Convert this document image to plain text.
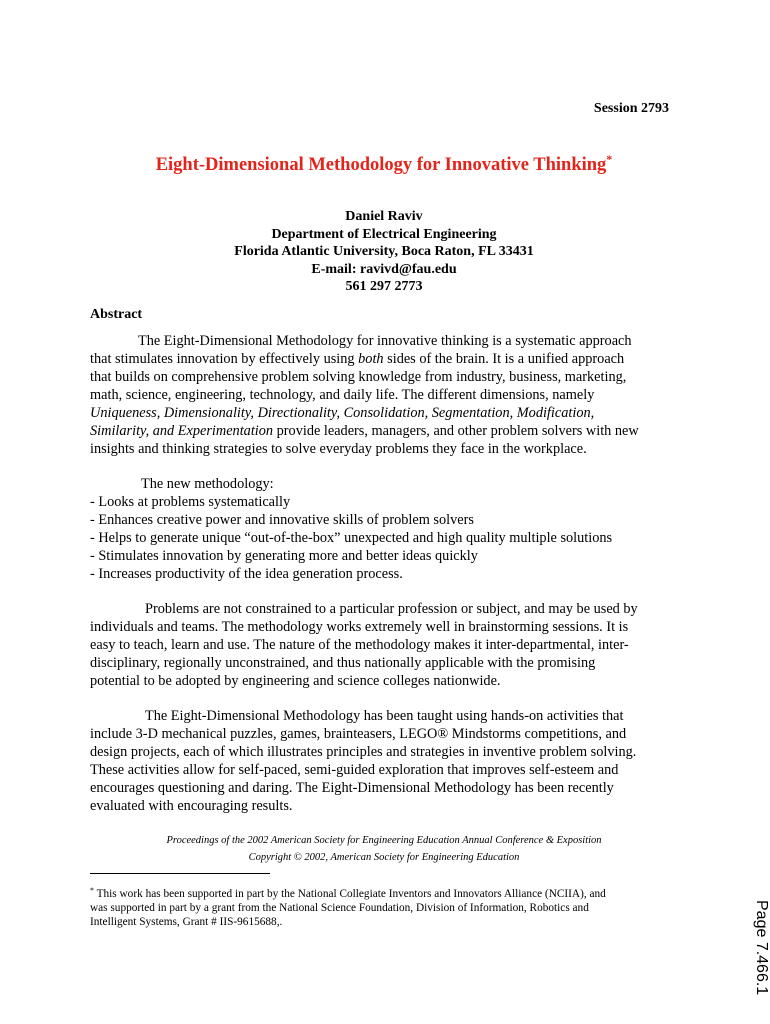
Session 2793
Eight-Dimensional Methodology for Innovative Thinking*
Daniel Raviv
Department of Electrical Engineering
Florida Atlantic University, Boca Raton, FL 33431
E-mail: ravivd@fau.edu
561 297 2773
Abstract
The Eight-Dimensional Methodology for innovative thinking is a systematic approach
that stimulates innovation by effectively using both sides of the brain. It is a unified approach
that builds on comprehensive problem solving knowledge from industry, business, marketing,
math, science, engineering, technology, and daily life. The different dimensions, namely
Uniqueness, Dimensionality, Directionality, Consolidation, Segmentation, Modification,
Similarity, and Experimentation provide leaders, managers, and other problem solvers with new
insights and thinking strategies to solve everyday problems they face in the workplace.
The new methodology:
- Looks at problems systematically
- Enhances creative power and innovative skills of problem solvers
- Helps to generate unique “out-of-the-box” unexpected and high quality multiple solutions
- Stimulates innovation by generating more and better ideas quickly
- Increases productivity of the idea generation process.
Problems are not constrained to a particular profession or subject, and may be used by
individuals and teams. The methodology works extremely well in brainstorming sessions. It is
easy to teach, learn and use. The nature of the methodology makes it inter-departmental, inter-
disciplinary, regionally unconstrained, and thus nationally applicable with the promising
potential to be adopted by engineering and science colleges nationwide.
The Eight-Dimensional Methodology has been taught using hands-on activities that
include 3-D mechanical puzzles, games, brainteasers, LEGO® Mindstorms competitions, and
design projects, each of which illustrates principles and strategies in inventive problem solving.
These activities allow for self-paced, semi-guided exploration that improves self-esteem and
encourages questioning and daring. The Eight-Dimensional Methodology has been recently
evaluated with encouraging results.
Proceedings of the 2002 American Society for Engineering Education Annual Conference & Exposition
Copyright © 2002, American Society for Engineering Education
* This work has been supported in part by the National Collegiate Inventors and Innovators Alliance (NCIIA), and
was supported in part by a grant from the National Science Foundation, Division of Information, Robotics and
Intelligent Systems, Grant # IIS-9615688,.	Page 7.466.1
